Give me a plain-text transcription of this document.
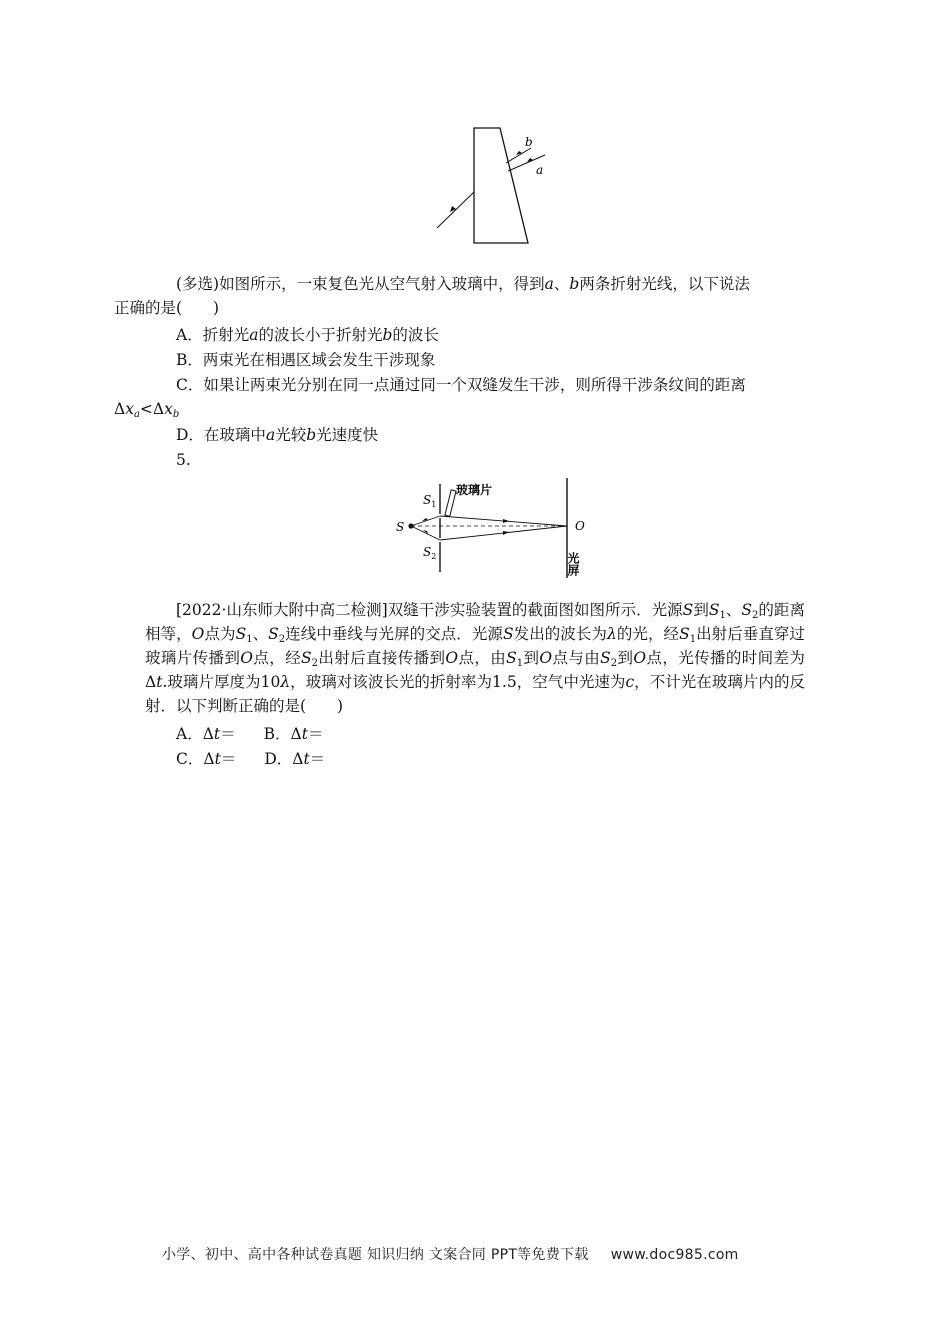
b
a
(多选)如图所示，一束复色光从空气射入玻璃中，得到a、b两条折射光线，以下说法
正确的是(　　)
A．折射光a的波长小于折射光b的波长
B．两束光在相遇区域会发生干涉现象
C．如果让两束光分别在同一点通过同一个双缝发生干涉，则所得干涉条纹间的距离
$\Delta x_a<\Delta x_b$
D．在玻璃中a光较b光速度快
5.
S
$S_1$
$S_2$
玻璃片
O
光屏
[2022·山东师大附中高二检测]双缝干涉实验装置的截面图如图所示．光源S到$S_1$、$S_2$的距离相等，O点为$S_1$、$S_2$连线中垂线与光屏的交点．光源S发出的波长为λ的光，经$S_1$出射后垂直穿过玻璃片传播到O点，经$S_2$出射后直接传播到O点，由$S_1$到O点与由$S_2$到O点，光传播的时间差为Δt.玻璃片厚度为10λ，玻璃对该波长光的折射率为1.5，空气中光速为c，不计光在玻璃片内的反射．以下判断正确的是(　　)
A．Δt＝ B．Δt＝
C．Δt＝ D．Δt＝
小学、初中、高中各种试卷真题 知识归纳 文案合同 PPT等免费下载 www.doc985.com
